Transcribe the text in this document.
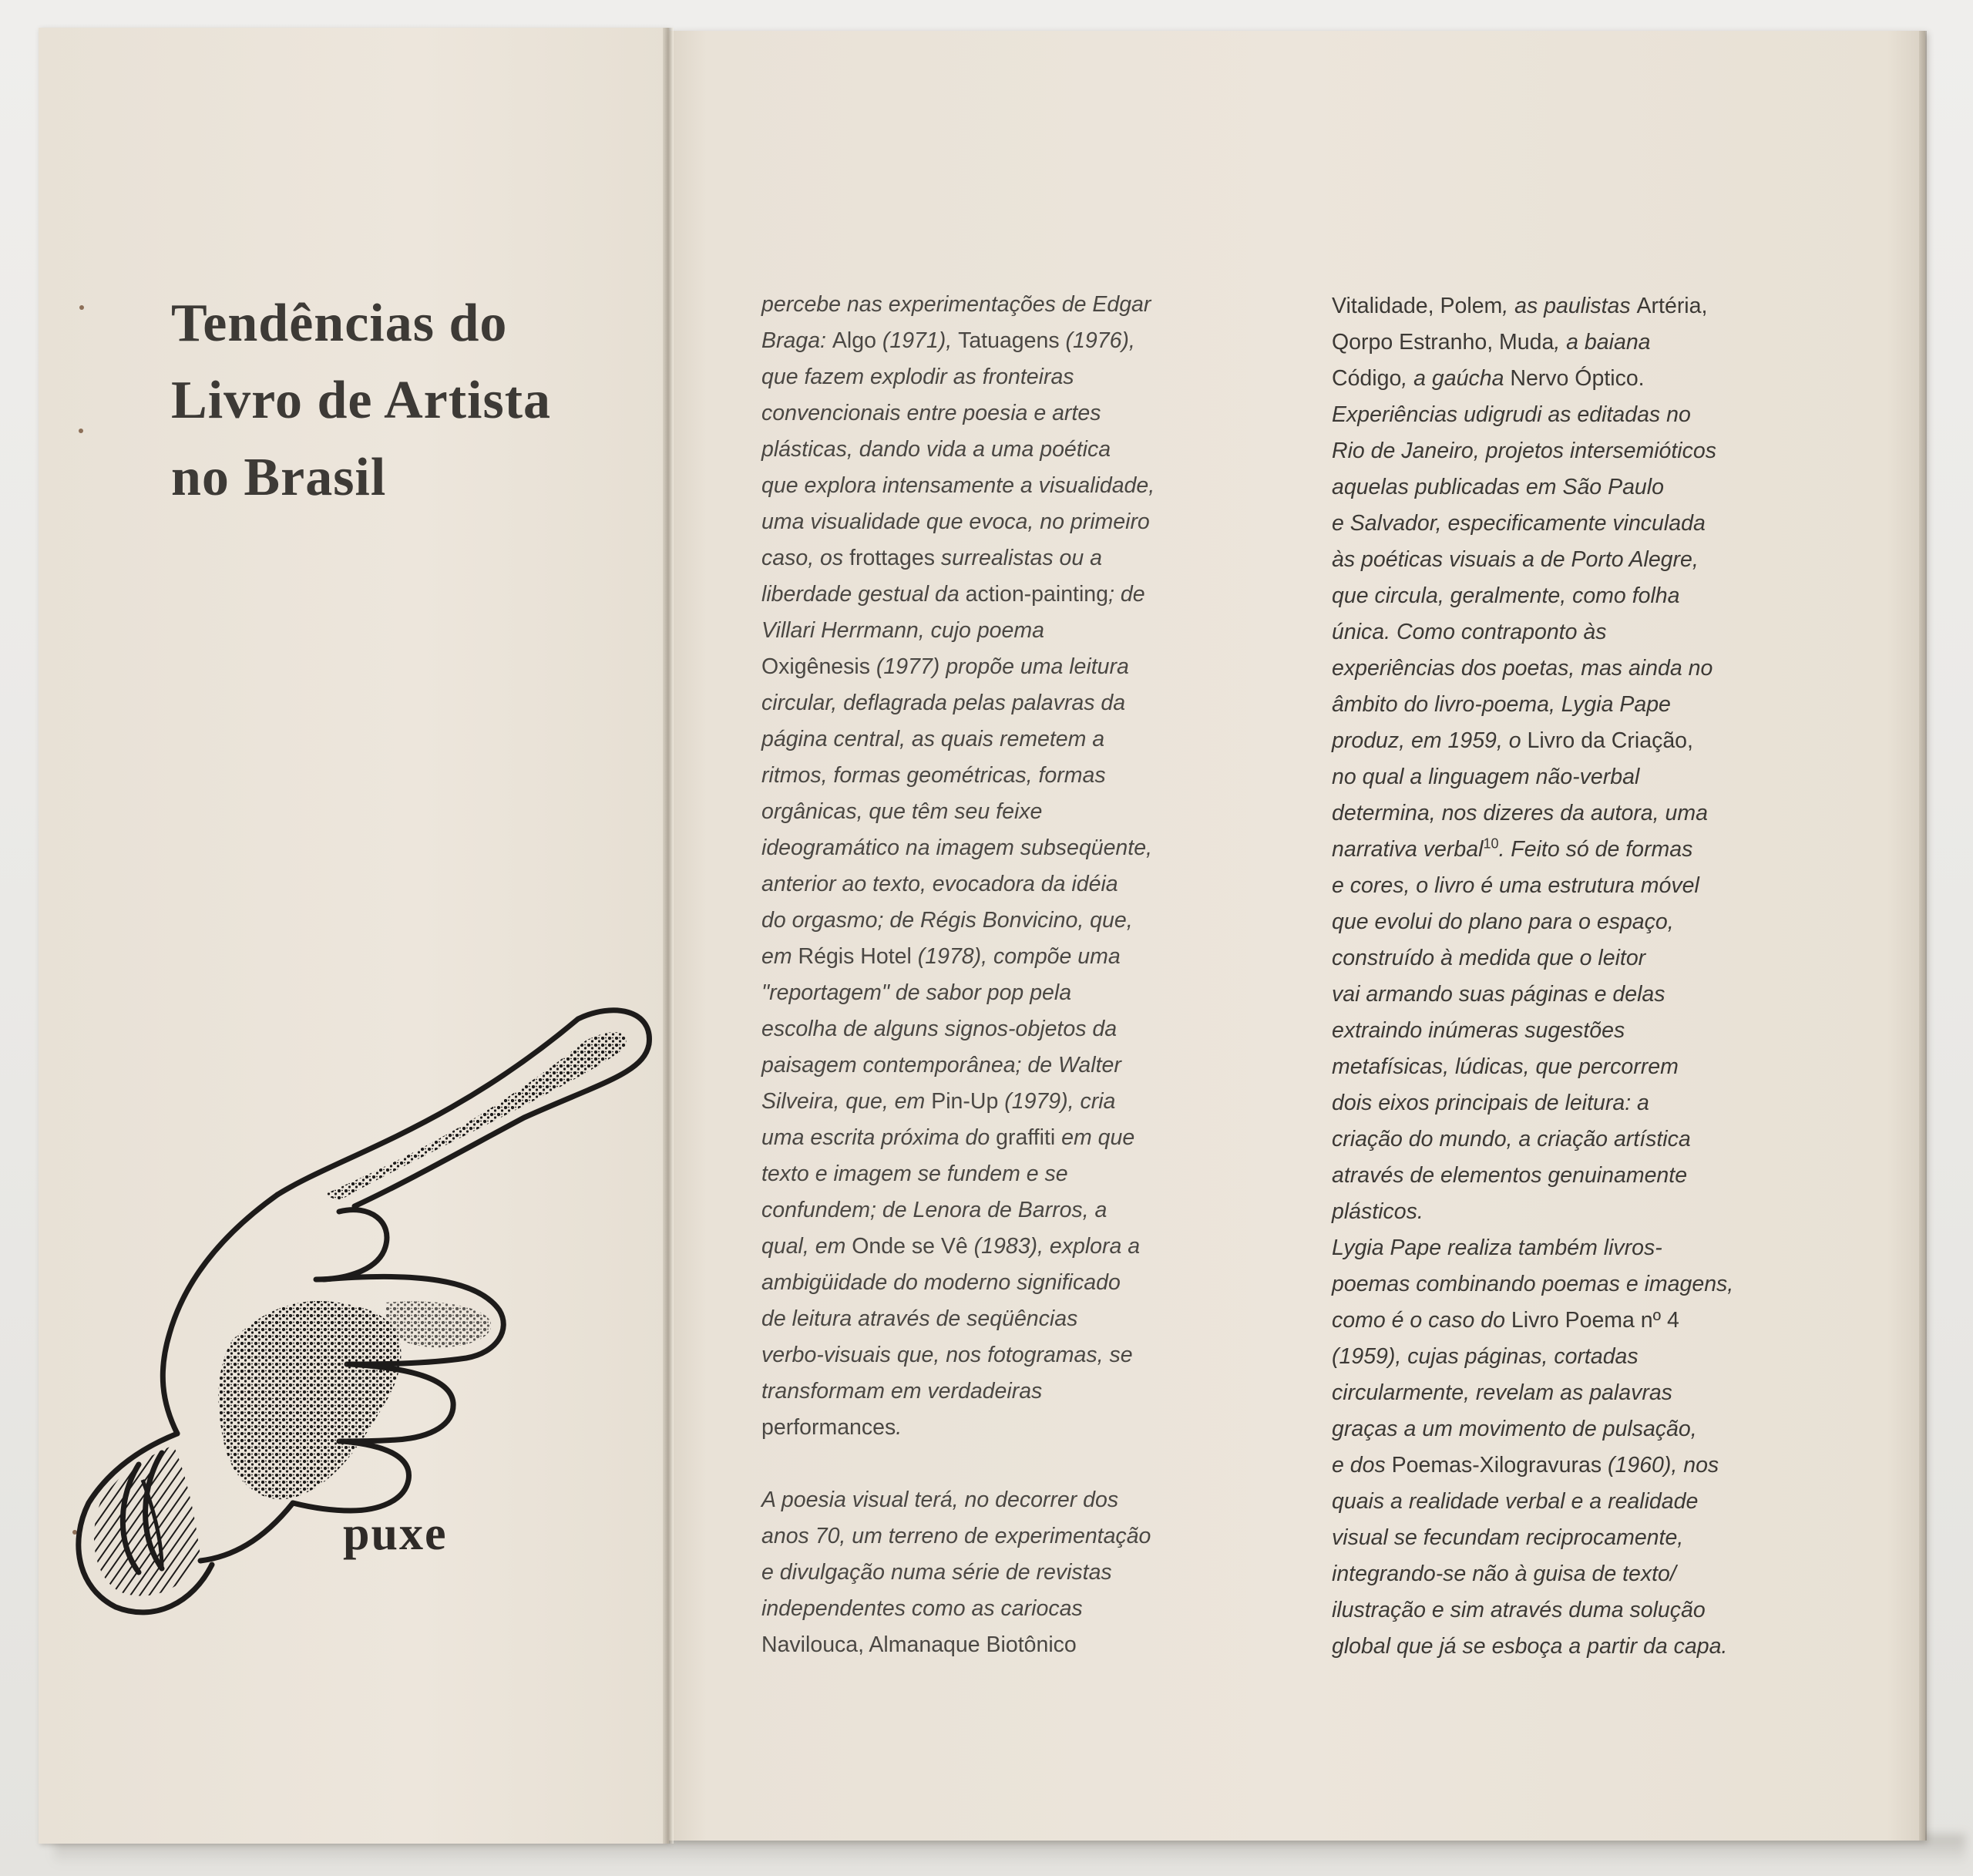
Tendências do
Livro de Artista
no Brasil
puxe
percebe nas experimentações de Edgar
Braga: Algo (1971), Tatuagens (1976),
que fazem explodir as fronteiras
convencionais entre poesia e artes
plásticas, dando vida a uma poética
que explora intensamente a visualidade,
uma visualidade que evoca, no primeiro
caso, os frottages surrealistas ou a
liberdade gestual da action-painting; de
Villari Herrmann, cujo poema
Oxigênesis (1977) propõe uma leitura
circular, deflagrada pelas palavras da
página central, as quais remetem a
ritmos, formas geométricas, formas
orgânicas, que têm seu feixe
ideogramático na imagem subseqüente,
anterior ao texto, evocadora da idéia
do orgasmo; de Régis Bonvicino, que,
em Régis Hotel (1978), compõe uma
"reportagem" de sabor pop pela
escolha de alguns signos-objetos da
paisagem contemporânea; de Walter
Silveira, que, em Pin-Up (1979), cria
uma escrita próxima do graffiti em que
texto e imagem se fundem e se
confundem; de Lenora de Barros, a
qual, em Onde se Vê (1983), explora a
ambigüidade do moderno significado
de leitura através de seqüências
verbo-visuais que, nos fotogramas, se
transformam em verdadeiras
performances.
A poesia visual terá, no decorrer dos
anos 70, um terreno de experimentação
e divulgação numa série de revistas
independentes como as cariocas
Navilouca, Almanaque Biotônico
Vitalidade, Polem, as paulistas Artéria,
Qorpo Estranho, Muda, a baiana
Código, a gaúcha Nervo Óptico.
Experiências udigrudi as editadas no
Rio de Janeiro, projetos intersemióticos
aquelas publicadas em São Paulo
e Salvador, especificamente vinculada
às poéticas visuais a de Porto Alegre,
que circula, geralmente, como folha
única. Como contraponto às
experiências dos poetas, mas ainda no
âmbito do livro-poema, Lygia Pape
produz, em 1959, o Livro da Criação,
no qual a linguagem não-verbal
determina, nos dizeres da autora, uma
narrativa verbal$^{10}$. Feito só de formas
e cores, o livro é uma estrutura móvel
que evolui do plano para o espaço,
construído à medida que o leitor
vai armando suas páginas e delas
extraindo inúmeras sugestões
metafísicas, lúdicas, que percorrem
dois eixos principais de leitura: a
criação do mundo, a criação artística
através de elementos genuinamente
plásticos.
Lygia Pape realiza também livros-
poemas combinando poemas e imagens,
como é o caso do Livro Poema nº 4
(1959), cujas páginas, cortadas
circularmente, revelam as palavras
graças a um movimento de pulsação,
e dos Poemas-Xilogravuras (1960), nos
quais a realidade verbal e a realidade
visual se fecundam reciprocamente,
integrando-se não à guisa de texto/
ilustração e sim através duma solução
global que já se esboça a partir da capa.
